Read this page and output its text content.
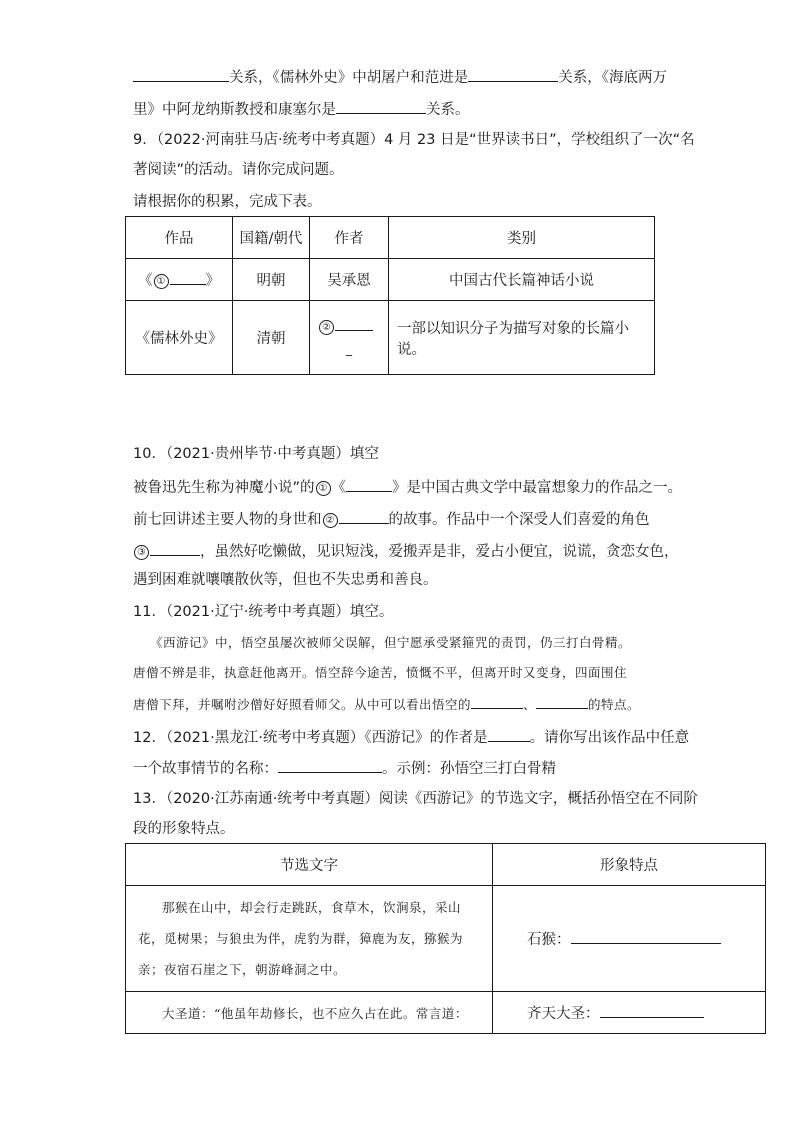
关系，《儒林外史》中胡屠户和范进是	关系，《海底两万
里》中阿龙纳斯教授和康塞尔是	关系。
9．（2022·河南驻马店·统考中考真题）4 月 23 日是“世界读书日”，学校组织了一次“名
著阅读”的活动。请你完成问题。
请根据你的积累，完成下表。
作品	国籍/朝代	作者	类别
《 ① 》	明朝	吴承恩	中国古代长篇神话小说
《儒林外史》	清朝	②
_	一部以知识分子为描写对象的长篇小说。
10．（2021·贵州毕节·中考真题）填空
被鲁迅先生称为神魔小说”的 ① 《	》是中国古典文学中最富想象力的作品之一。
前七回讲述主要人物的身世和 ②	的故事。作品中一个深受人们喜爱的角色
③	，虽然好吃懒做，见识短浅，爱搬弄是非，爱占小便宜，说谎，贪恋女色，
遇到困难就嚷嚷散伙等，但也不失忠勇和善良。
11．（2021·辽宁·统考中考真题）填空。
《西游记》中，悟空虽屡次被师父误解，但宁愿承受紧箍咒的责罚，仍三打白骨精。
唐僧不辨是非，执意赶他离开。悟空辞今途苦，愤慨不平，但离开时又变身，四面围住
唐僧下拜，并嘱咐沙僧好好照看师父。从中可以看出悟空的	、	的特点。
12．（2021·黑龙江·统考中考真题）《西游记》的作者是	。请你写出该作品中任意
一个故事情节的名称：	。示例：孙悟空三打白骨精
13．（2020·江苏南通·统考中考真题）阅读《西游记》的节选文字，概括孙悟空在不同阶
段的形象特点。
节选文字	形象特点

那猴在山中，却会行走跳跃，食草木，饮涧泉，采山
花，觅树果；与狼虫为伴，虎豹为群，獐鹿为友，猕猴为
亲；夜宿石崖之下，朝游峰洞之中。	石猴：
大圣道：“他虽年劫修长，也不应久占在此。常言道：	齐天大圣：
